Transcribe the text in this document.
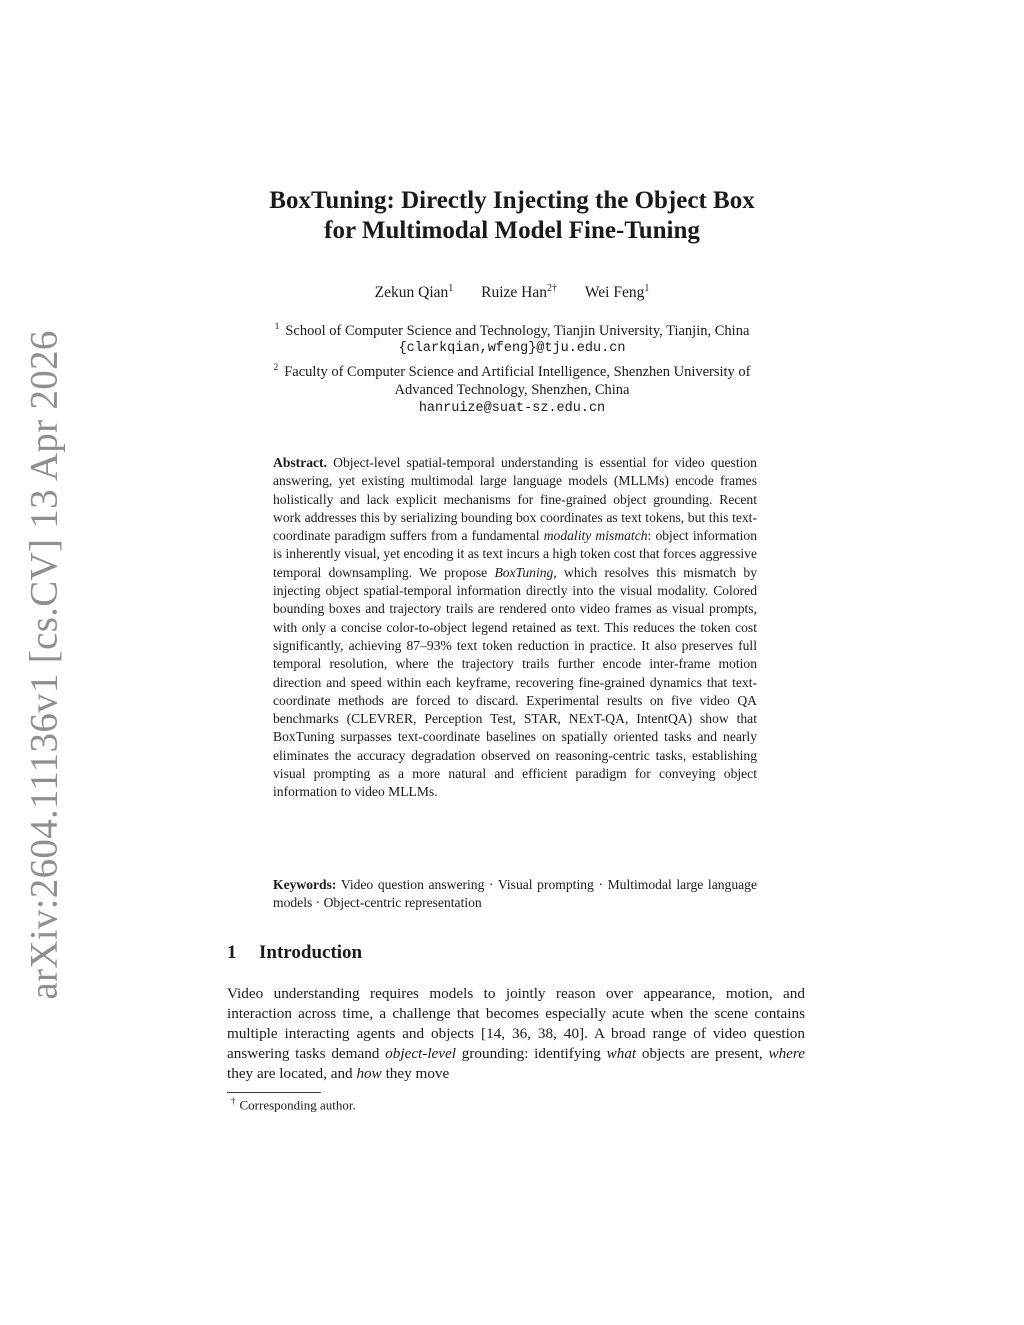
arXiv:2604.11136v1 [cs.CV] 13 Apr 2026
BoxTuning: Directly Injecting the Object Box
for Multimodal Model Fine-Tuning
Zekun Qian$^1$ Ruize Han$^{2\dagger}$ Wei Feng$^1$
$^1$ School of Computer Science and Technology, Tianjin University, Tianjin, China
{clarkqian,wfeng}@tju.edu.cn
$^2$ Faculty of Computer Science and Artificial Intelligence, Shenzhen University of
Advanced Technology, Shenzhen, China
hanruize@suat-sz.edu.cn
Abstract. Object-level spatial-temporal understanding is essential for video question answering, yet existing multimodal large language models (MLLMs) encode frames holistically and lack explicit mechanisms for fine-grained object grounding. Recent work addresses this by serializing bounding box coordinates as text tokens, but this text-coordinate paradigm suffers from a fundamental modality mismatch: object information is inherently visual, yet encoding it as text incurs a high token cost that forces aggressive temporal downsampling. We propose BoxTuning, which resolves this mismatch by injecting object spatial-temporal information directly into the visual modality. Colored bounding boxes and trajectory trails are rendered onto video frames as visual prompts, with only a concise color-to-object legend retained as text. This reduces the token cost significantly, achieving 87–93% text token reduction in practice. It also preserves full temporal resolution, where the trajectory trails further encode inter-frame motion direction and speed within each keyframe, recovering fine-grained dynamics that text-coordinate methods are forced to discard. Experimental results on five video QA benchmarks (CLEVRER, Perception Test, STAR, NExT-QA, IntentQA) show that BoxTuning surpasses text-coordinate baselines on spatially oriented tasks and nearly eliminates the accuracy degradation observed on reasoning-centric tasks, establishing visual prompting as a more natural and efficient paradigm for conveying object information to video MLLMs.
Keywords: Video question answering · Visual prompting · Multimodal large language models · Object-centric representation
1 Introduction
Video understanding requires models to jointly reason over appearance, motion, and interaction across time, a challenge that becomes especially acute when the scene contains multiple interacting agents and objects [14, 36, 38, 40]. A broad range of video question answering tasks demand object-level grounding: identifying what objects are present, where they are located, and how they move
† Corresponding author.
